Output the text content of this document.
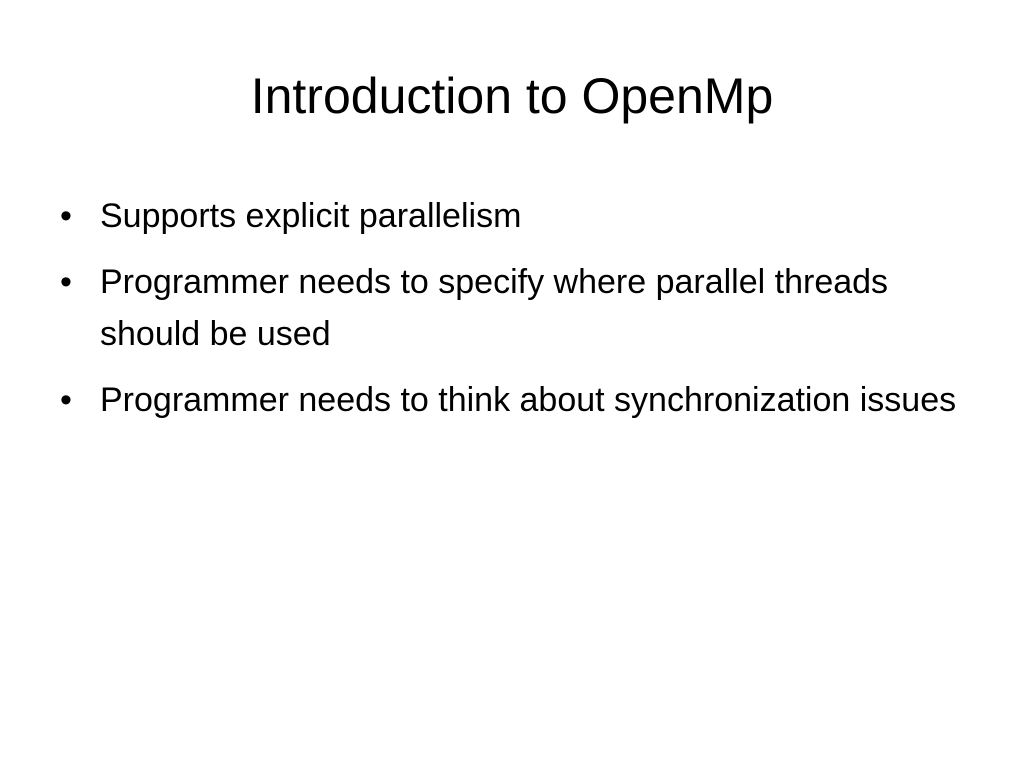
Introduction to OpenMp
• Supports explicit parallelism
• Programmer needs to specify where parallel threads should be used
• Programmer needs to think about synchronization issues
